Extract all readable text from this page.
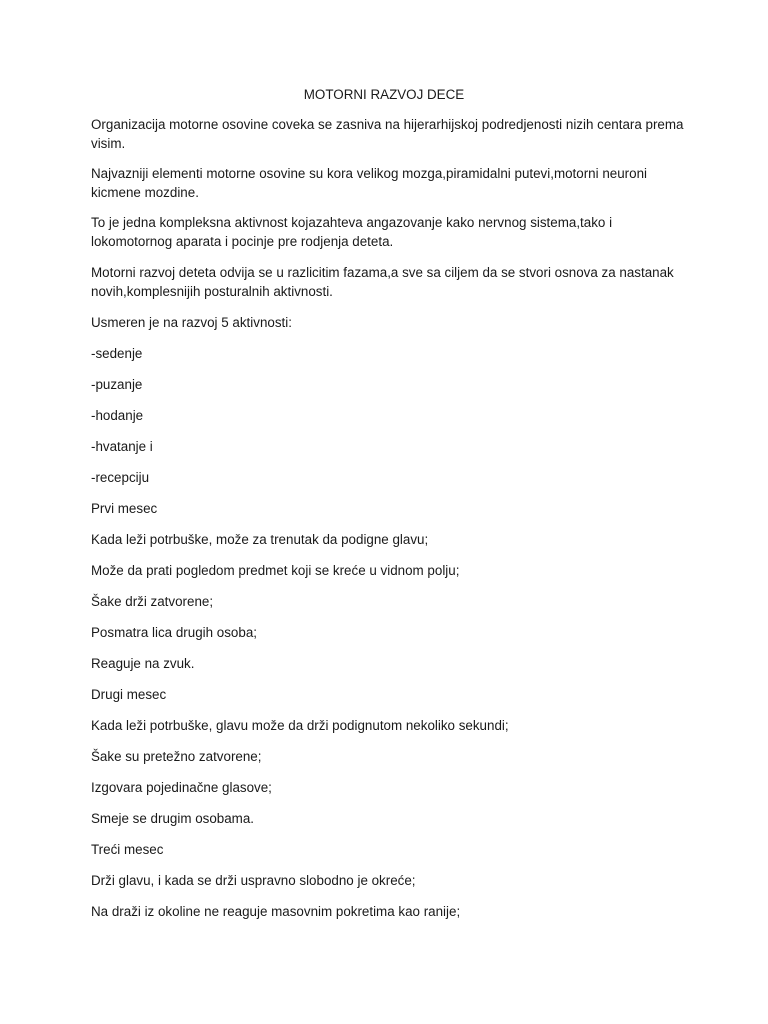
MOTORNI RAZVOJ DECE
Organizacija motorne osovine coveka se zasniva na hijerarhijskoj podredjenosti nizih centara prema
visim.
Najvazniji elementi motorne osovine su kora velikog mozga,piramidalni putevi,motorni neuroni
kicmene mozdine.
To je jedna kompleksna aktivnost kojazahteva angazovanje kako nervnog sistema,tako i
lokomotornog aparata i pocinje pre rodjenja deteta.
Motorni razvoj deteta odvija se u razlicitim fazama,a sve sa ciljem da se stvori osnova za nastanak
novih,komplesnijih posturalnih aktivnosti.
Usmeren je na razvoj 5 aktivnosti:
-sedenje
-puzanje
-hodanje
-hvatanje i
-recepciju
Prvi mesec
Kada leži potrbuške, može za trenutak da podigne glavu;
Može da prati pogledom predmet koji se kreće u vidnom polju;
Šake drži zatvorene;
Posmatra lica drugih osoba;
Reaguje na zvuk.
Drugi mesec
Kada leži potrbuške, glavu može da drži podignutom nekoliko sekundi;
Šake su pretežno zatvorene;
Izgovara pojedinačne glasove;
Smeje se drugim osobama.
Treći mesec
Drži glavu, i kada se drži uspravno slobodno je okreće;
Na draži iz okoline ne reaguje masovnim pokretima kao ranije;
